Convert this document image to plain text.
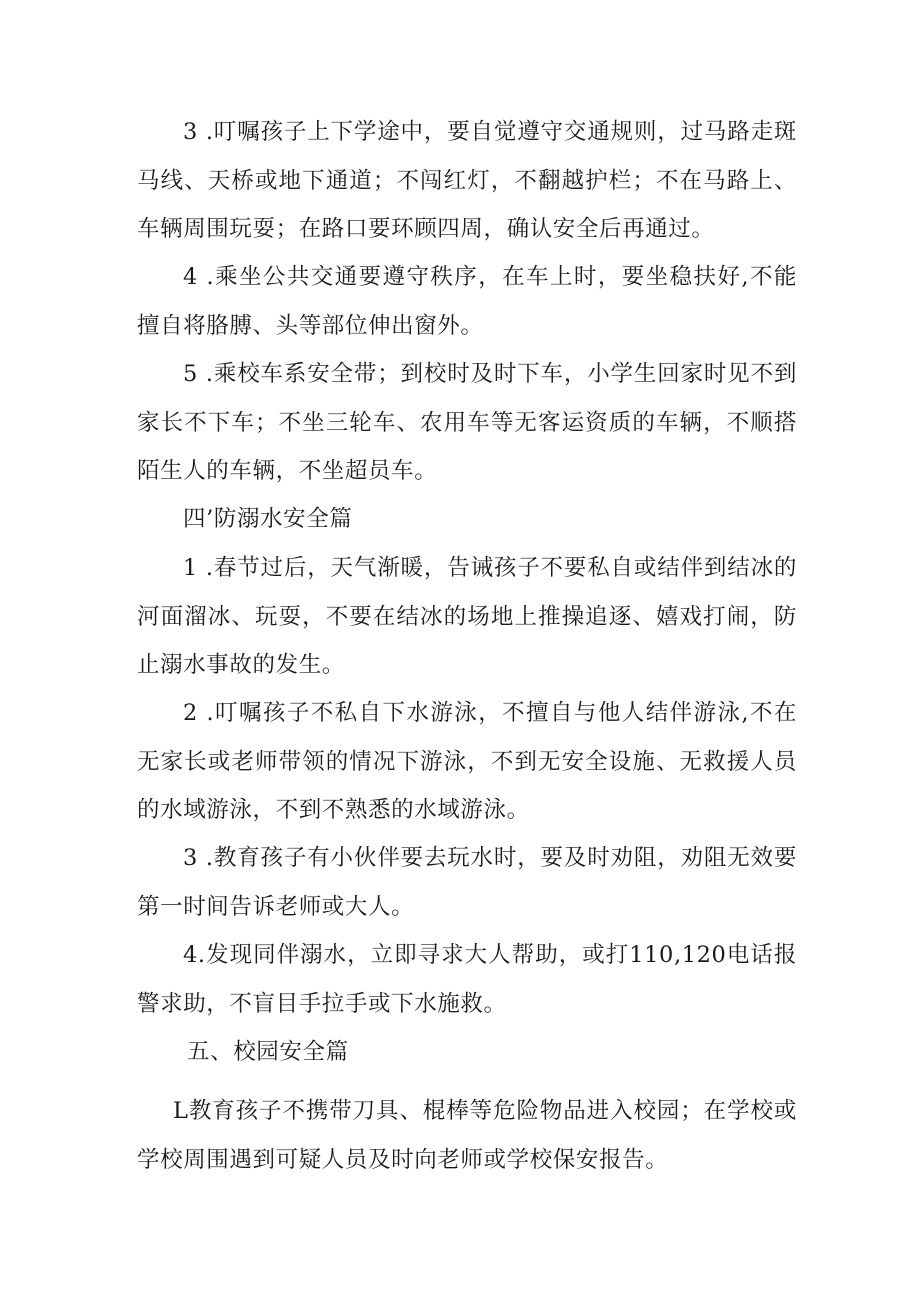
3 .叮嘱孩子上下学途中，要自觉遵守交通规则，过马路走斑马线、天桥或地下通道；不闯红灯，不翻越护栏；不在马路上、车辆周围玩耍；在路口要环顾四周，确认安全后再通过。

4 .乘坐公共交通要遵守秩序，在车上时，要坐稳扶好,不能擅自将胳膊、头等部位伸出窗外。

5 .乘校车系安全带；到校时及时下车，小学生回家时见不到家长不下车；不坐三轮车、农用车等无客运资质的车辆，不顺搭陌生人的车辆，不坐超员车。

四’防溺水安全篇

1 .春节过后，天气渐暖，告诫孩子不要私自或结伴到结冰的河面溜冰、玩耍，不要在结冰的场地上推操追逐、嬉戏打闹，防止溺水事故的发生。

2 .叮嘱孩子不私自下水游泳，不擅自与他人结伴游泳,不在无家长或老师带领的情况下游泳，不到无安全设施、无救援人员的水域游泳，不到不熟悉的水域游泳。

3 .教育孩子有小伙伴要去玩水时，要及时劝阻，劝阻无效要第一时间告诉老师或大人。

4.发现同伴溺水，立即寻求大人帮助，或打110,120电话报警求助，不盲目手拉手或下水施救。

五、校园安全篇

L教育孩子不携带刀具、棍棒等危险物品进入校园；在学校或学校周围遇到可疑人员及时向老师或学校保安报告。
